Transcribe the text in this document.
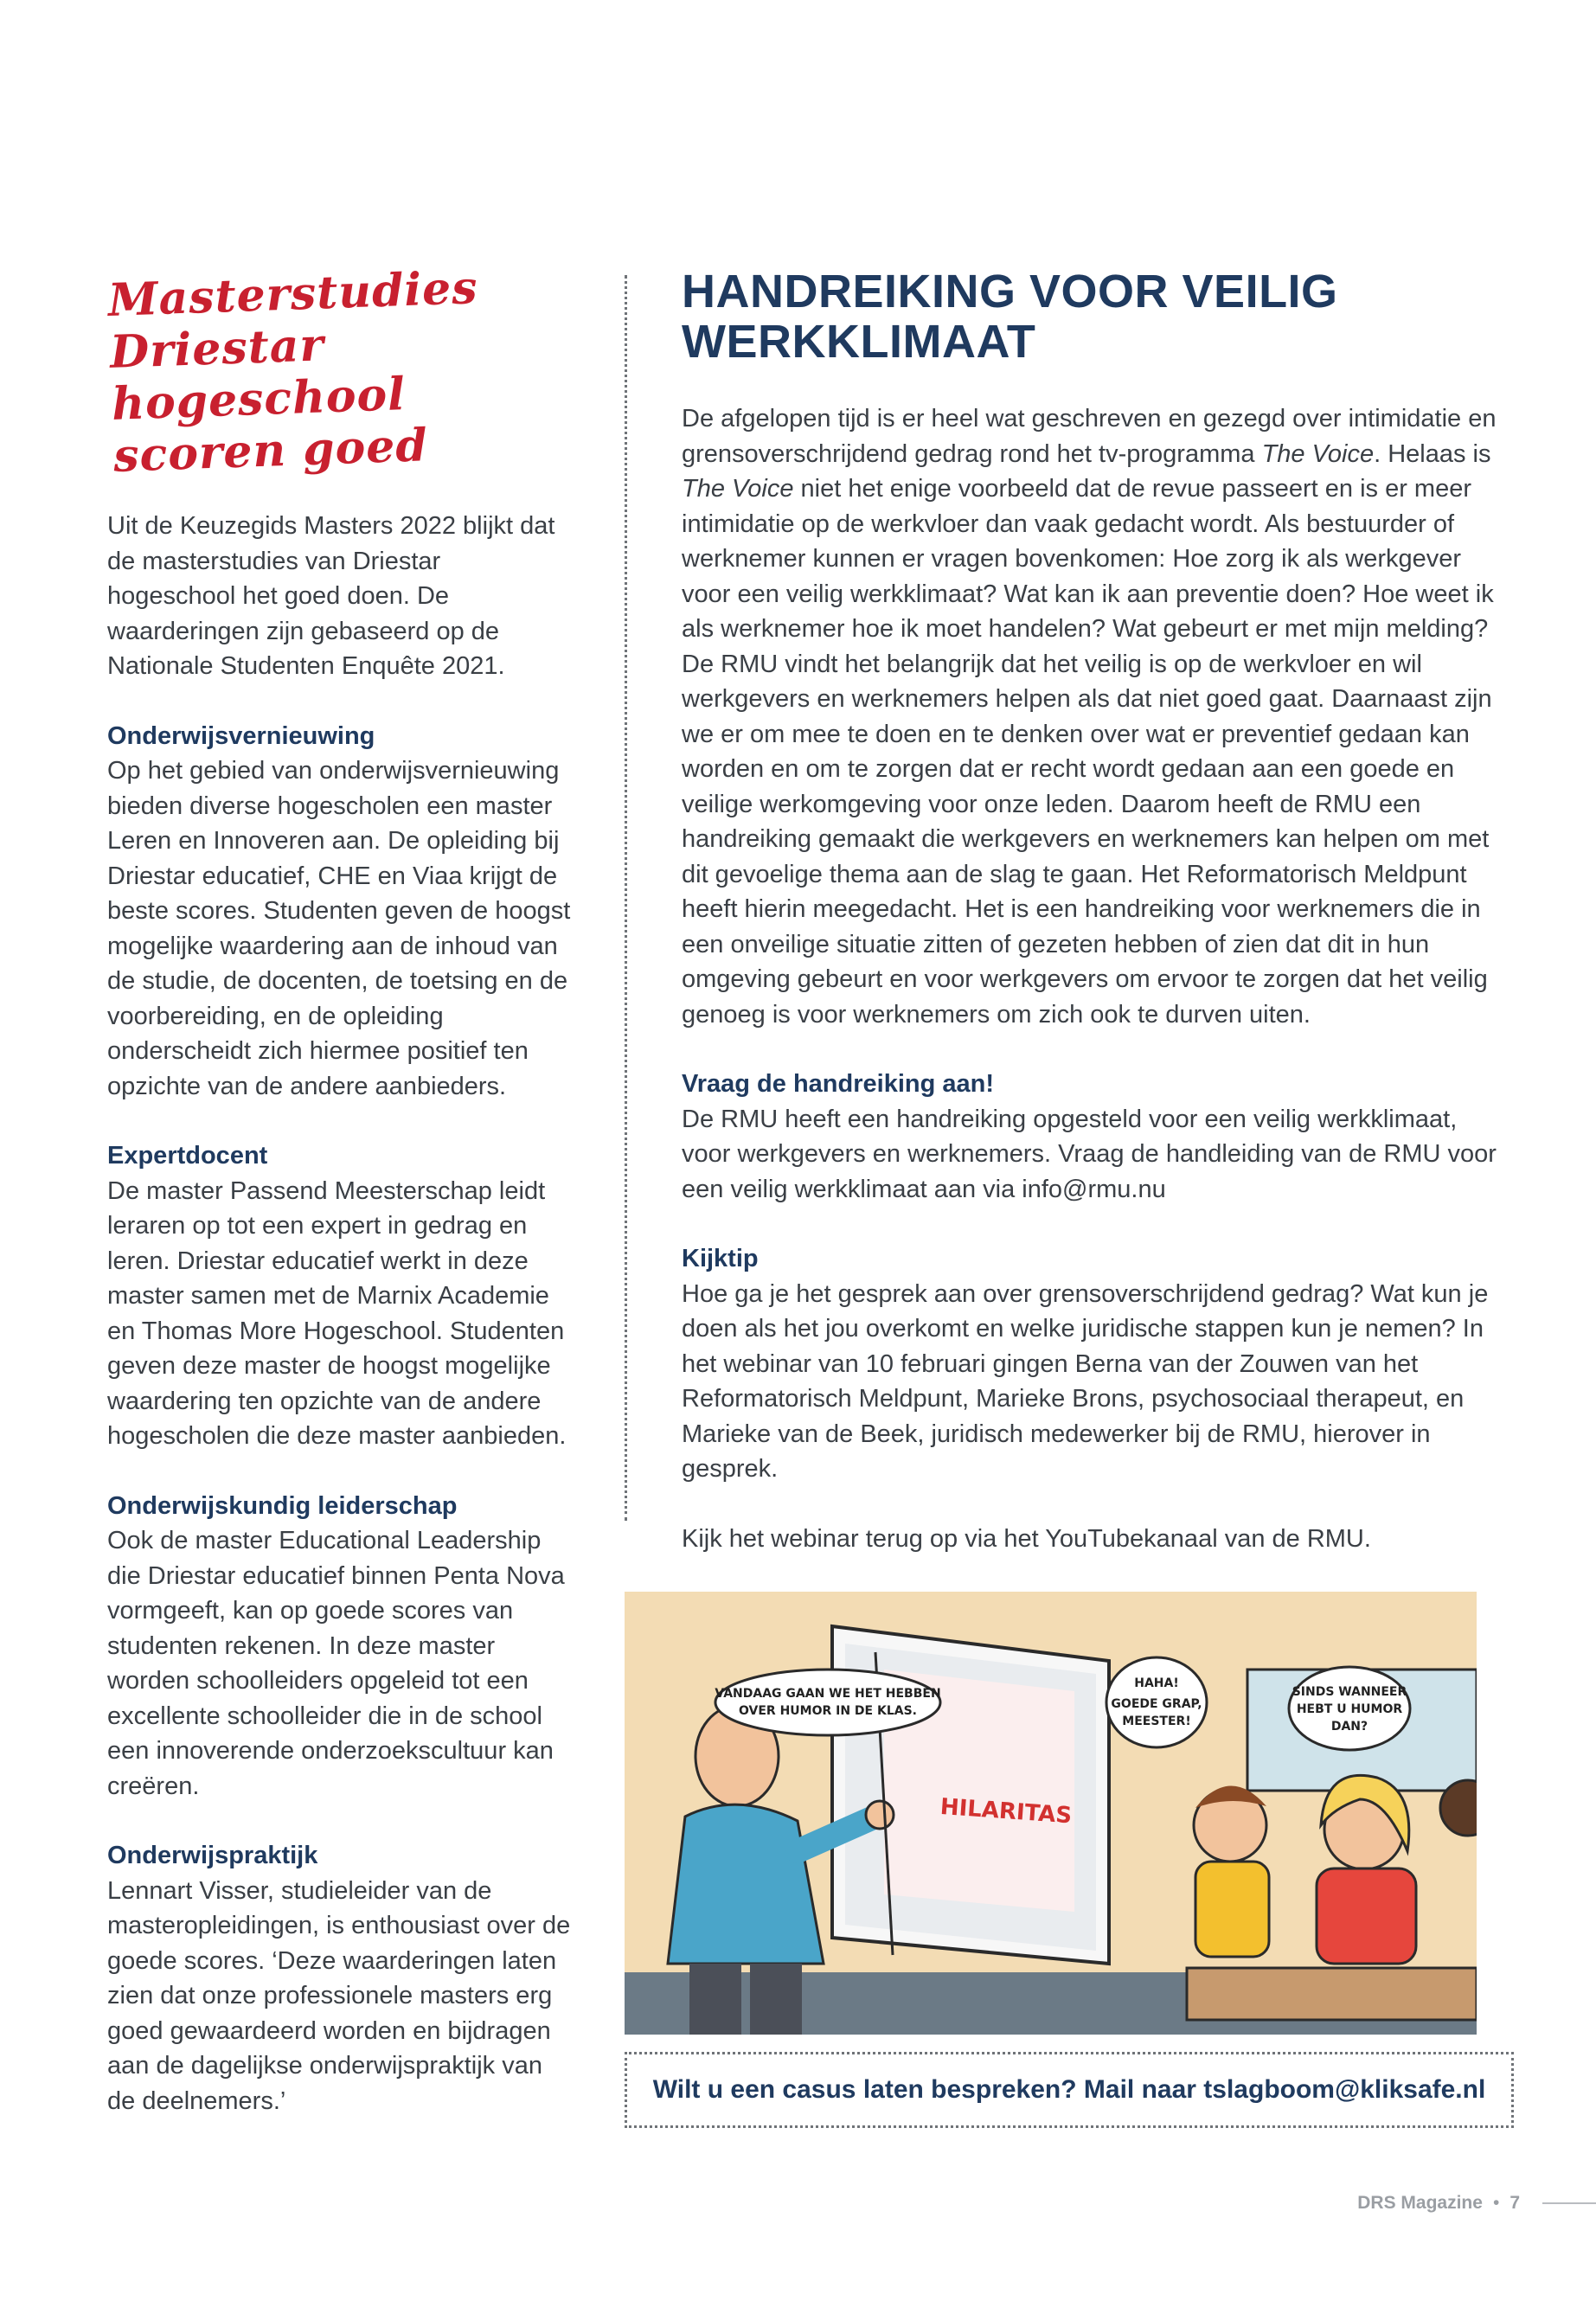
Masterstudies
Driestar hogeschool
scoren goed

Uit de Keuzegids Masters 2022 blijkt dat de masterstudies van Driestar hogeschool het goed doen. De waarderingen zijn gebaseerd op de Nationale Studenten Enquête 2021.

Onderwijsvernieuwing

Op het gebied van onderwijsvernieuwing bieden diverse hogescholen een master Leren en Innoveren aan. De opleiding bij Driestar educatief, CHE en Viaa krijgt de beste scores. Studenten geven de hoogst mogelijke waardering aan de inhoud van de studie, de docenten, de toetsing en de voorbereiding, en de opleiding onderscheidt zich hiermee positief ten opzichte van de andere aanbieders.

Expertdocent

De master Passend Meesterschap leidt leraren op tot een expert in gedrag en leren. Driestar educatief werkt in deze master samen met de Marnix Academie en Thomas More Hogeschool. Studenten geven deze master de hoogst mogelijke waardering ten opzichte van de andere hogescholen die deze master aanbieden.

Onderwijskundig leiderschap

Ook de master Educational Leadership die Driestar educatief binnen Penta Nova vormgeeft, kan op goede scores van studenten rekenen. In deze master worden schoolleiders opgeleid tot een excellente schoolleider die in de school een innoverende onderzoekscultuur kan creëren.

Onderwijspraktijk

Lennart Visser, studieleider van de masteropleidingen, is enthousiast over de goede scores. ‘Deze waarderingen laten zien dat onze professionele masters erg goed gewaardeerd worden en bijdragen aan de dagelijkse onderwijspraktijk van de deelnemers.’

HANDREIKING VOOR VEILIG
WERKKLIMAAT

De afgelopen tijd is er heel wat geschreven en gezegd over intimidatie en grensoverschrijdend gedrag rond het tv-programma The Voice. Helaas is The Voice niet het enige voorbeeld dat de revue passeert en is er meer intimidatie op de werkvloer dan vaak gedacht wordt. Als bestuurder of werknemer kunnen er vragen bovenkomen: Hoe zorg ik als werkgever voor een veilig werkklimaat? Wat kan ik aan preventie doen? Hoe weet ik als werknemer hoe ik moet handelen? Wat gebeurt er met mijn melding? De RMU vindt het belangrijk dat het veilig is op de werkvloer en wil werkgevers en werknemers helpen als dat niet goed gaat. Daarnaast zijn we er om mee te doen en te denken over wat er preventief gedaan kan worden en om te zorgen dat er recht wordt gedaan aan een goede en veilige werkomgeving voor onze leden. Daarom heeft de RMU een handreiking gemaakt die werkgevers en werknemers kan helpen om met dit gevoelige thema aan de slag te gaan. Het Reformatorisch Meldpunt heeft hierin meegedacht. Het is een handreiking voor werknemers die in een onveilige situatie zitten of gezeten hebben of zien dat dit in hun omgeving gebeurt en voor werkgevers om ervoor te zorgen dat het veilig genoeg is voor werknemers om zich ook te durven uiten.

Vraag de handreiking aan!

De RMU heeft een handreiking opgesteld voor een veilig werkklimaat, voor werkgevers en werknemers. Vraag de handleiding van de RMU voor een veilig werkklimaat aan via info@rmu.nu

Kijktip

Hoe ga je het gesprek aan over grensoverschrijdend gedrag? Wat kun je doen als het jou overkomt en welke juridische stappen kun je nemen? In het webinar van 10 februari gingen Berna van der Zouwen van het Reformatorisch Meldpunt, Marieke Brons, psychosociaal therapeut, en Marieke van de Beek, juridisch medewerker bij de RMU, hierover in gesprek.

Kijk het webinar terug op via het YouTubekanaal van de RMU.

HILARITAS
VANDAAG GAAN WE HET HEBBEN
OVER HUMOR IN DE KLAS.
HAHA!
GOEDE GRAP,
MEESTER!
SINDS WANNEER
HEBT U HUMOR
DAN?
Wilt u een casus laten bespreken? Mail naar tslagboom@kliksafe.nl
DRS Magazine • 7
